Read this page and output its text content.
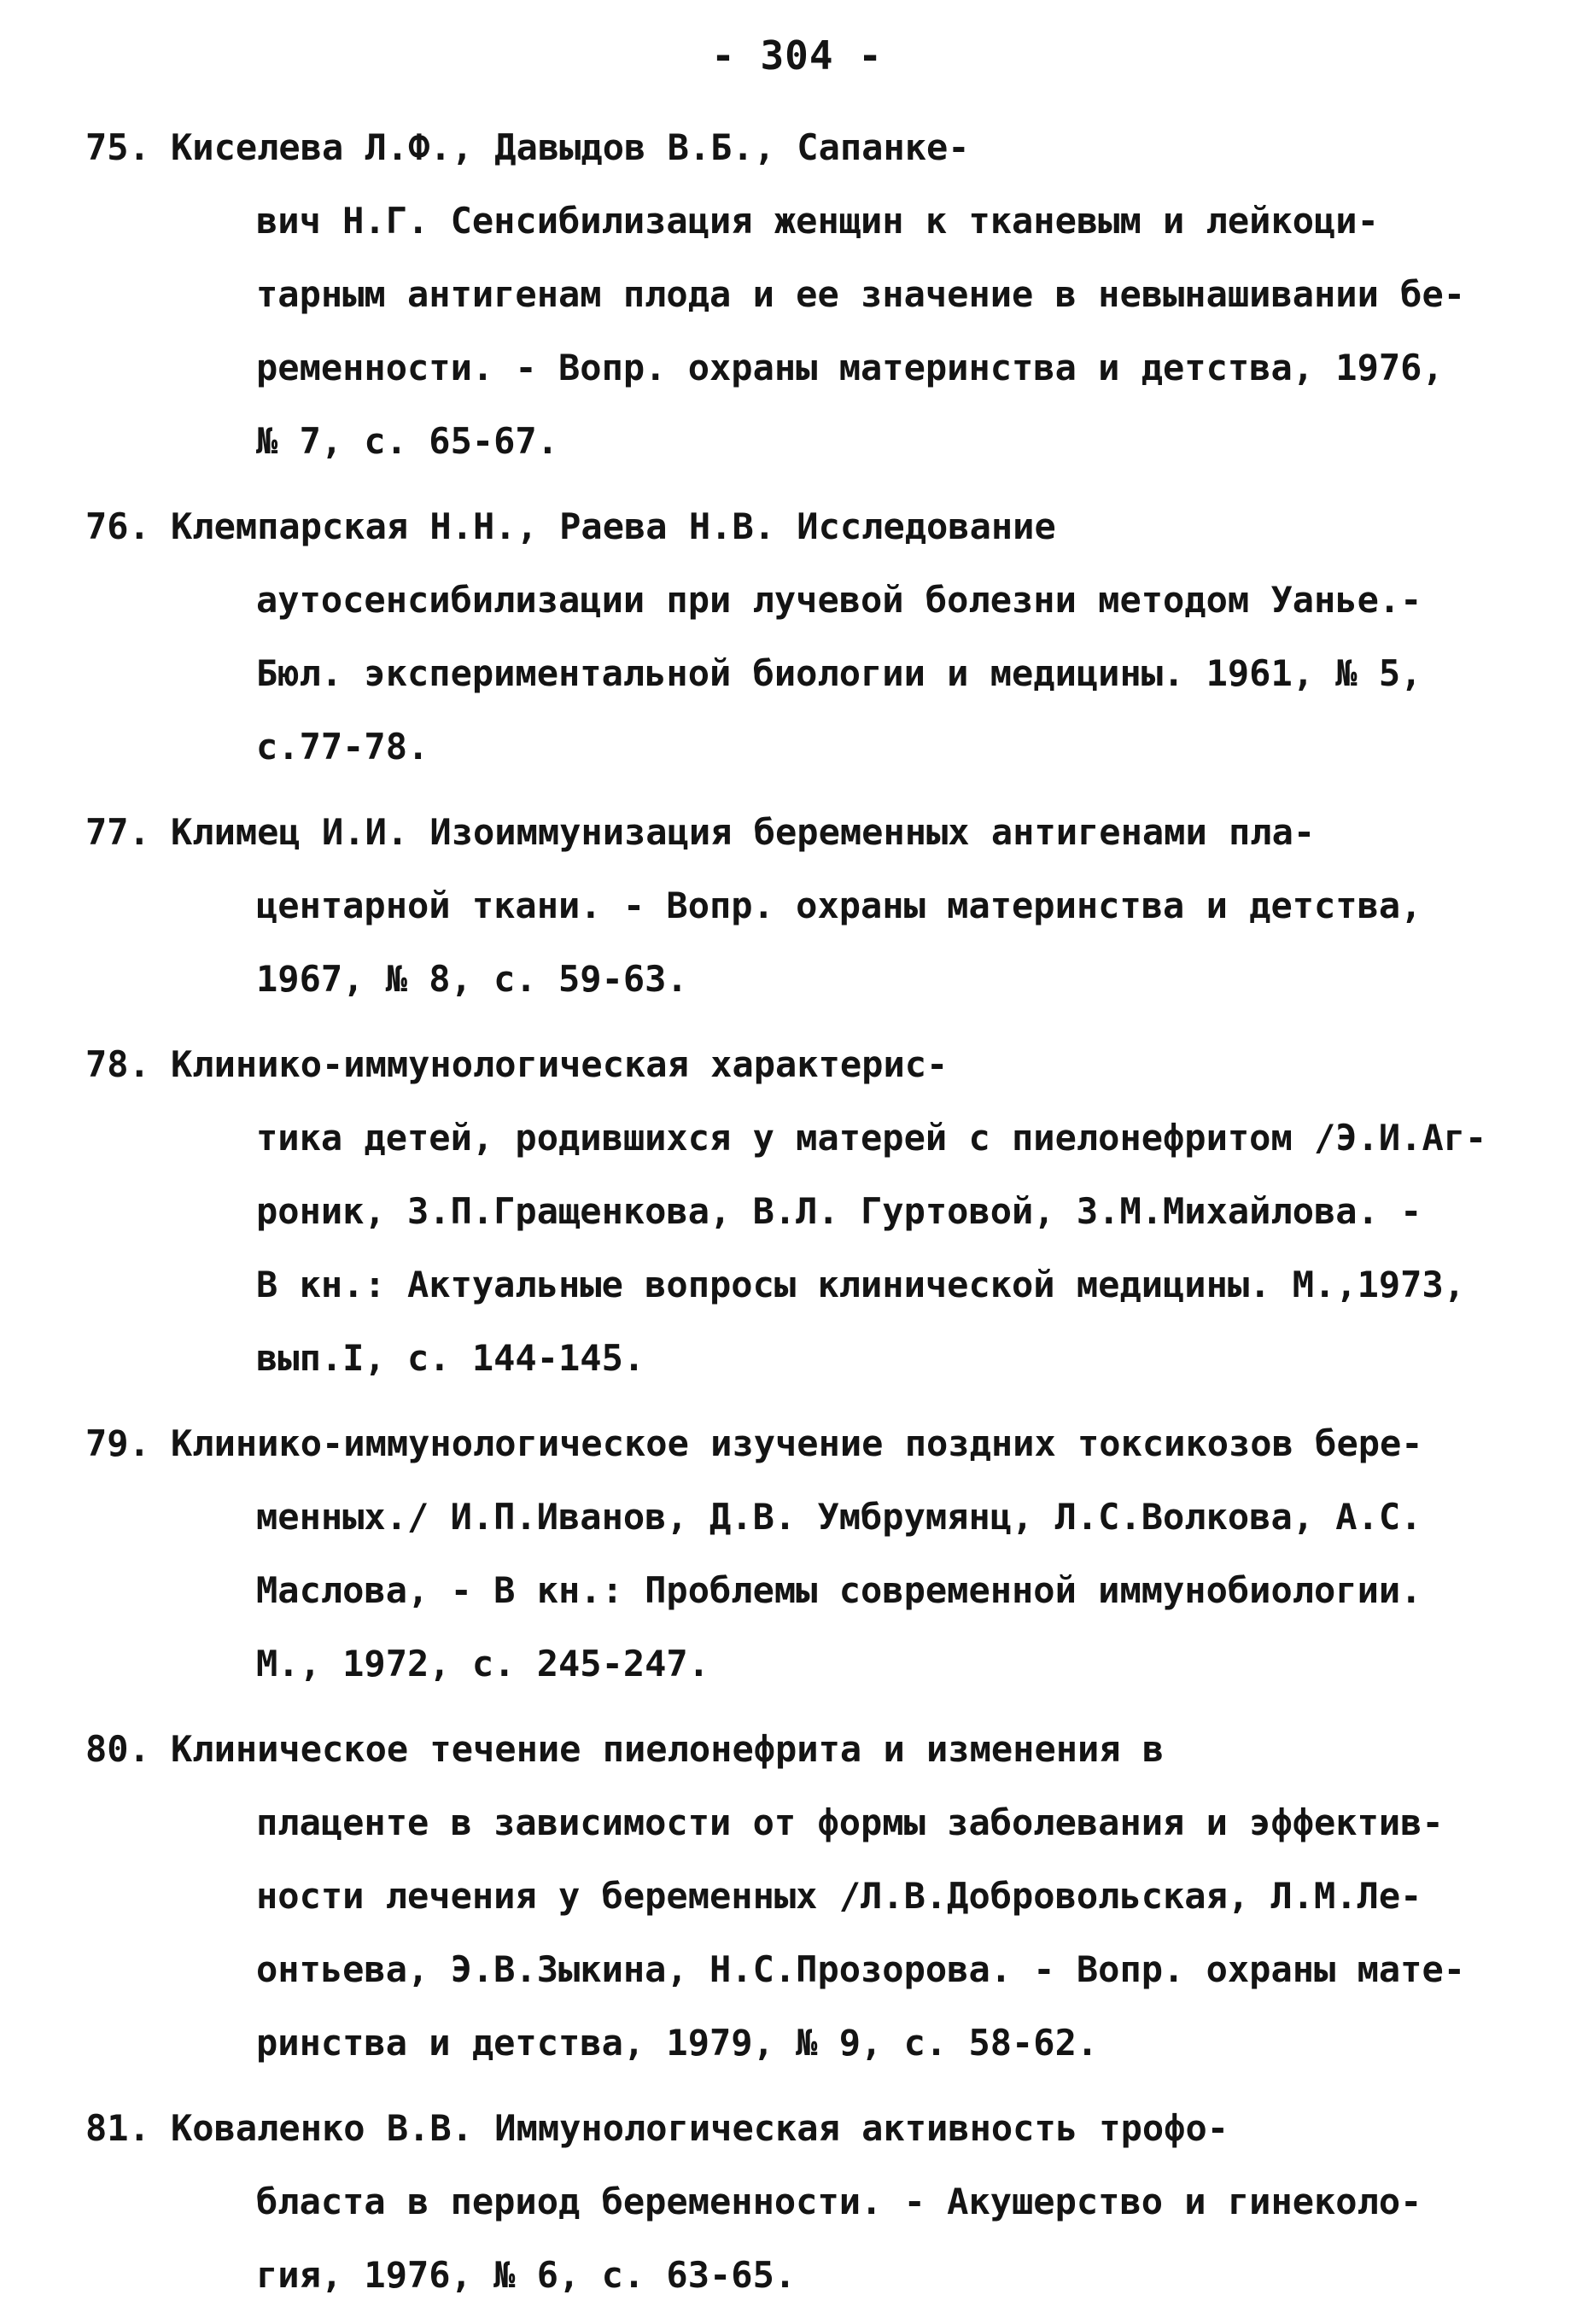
- 304 -
75. Киселева Л.Ф., Давыдов В.Б., Сапанке-
вич Н.Г. Сенсибилизация женщин к тканевым и лейкоци-
тарным антигенам плода и ее значение в невынашивании бе-
ременности. - Вопр. охраны материнства и детства, 1976,
№ 7, с. 65-67.
76. Клемпарская Н.Н., Раева Н.В. Исследование
аутосенсибилизации при лучевой болезни методом Уанье.-
Бюл. экспериментальной биологии и медицины. 1961, № 5,
с.77-78.
77. Климец И.И. Изоиммунизация беременных антигенами пла-
центарной ткани. - Вопр. охраны материнства и детства,
1967, № 8, с. 59-63.
78. Клинико-иммунологическая характерис-
тика детей, родившихся у матерей с пиелонефритом /Э.И.Аг-
роник, З.П.Гращенкова, В.Л. Гуртовой, З.М.Михайлова. -
В кн.: Актуальные вопросы клинической медицины. М.,1973,
вып.I, с. 144-145.
79. Клинико-иммунологическое изучение поздних токсикозов бере-
менных./ И.П.Иванов, Д.В. Умбрумянц, Л.С.Волкова, А.С.
Маслова, - В кн.: Проблемы современной иммунобиологии.
М., 1972, с. 245-247.
80. Клиническое течение пиелонефрита и изменения в
плаценте в зависимости от формы заболевания и эффектив-
ности лечения у беременных /Л.В.Добровольская, Л.М.Ле-
онтьева, Э.В.Зыкина, Н.С.Прозорова. - Вопр. охраны мате-
ринства и детства, 1979, № 9, с. 58-62.
81. Коваленко В.В. Иммунологическая активность трофо-
бласта в период беременности. - Акушерство и гинеколо-
гия, 1976, № 6, с. 63-65.
